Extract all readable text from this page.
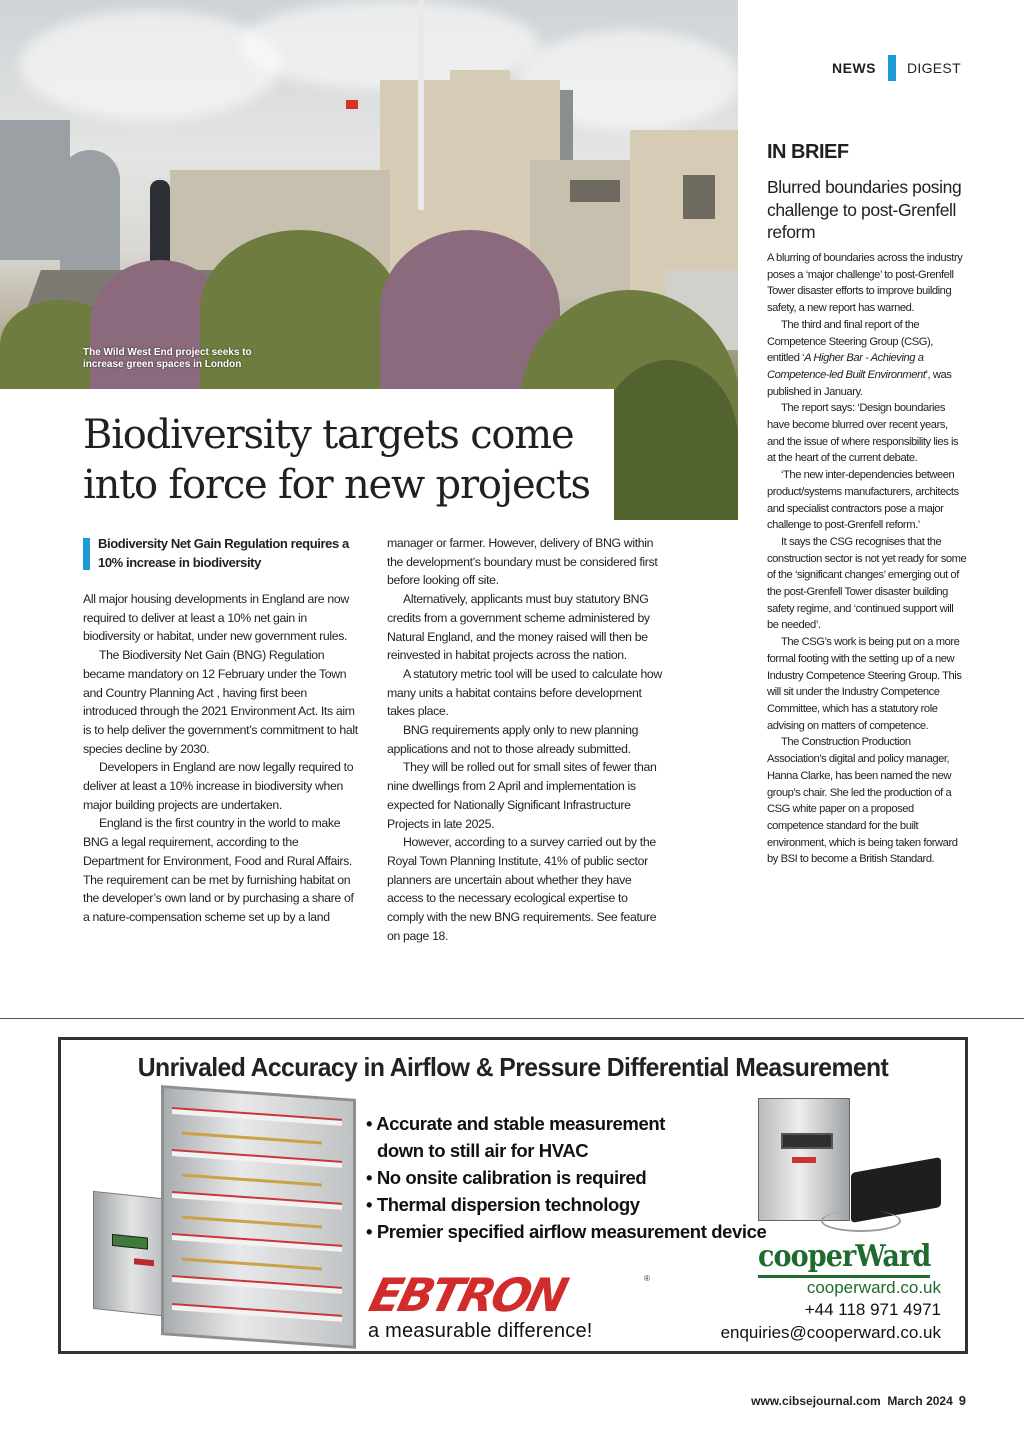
The Wild West End project seeks to increase green spaces in London
NEWS DIGEST
Biodiversity targets come into force for new projects
Biodiversity Net Gain Regulation requires a 10% increase in biodiversity

All major housing developments in England are now required to deliver at least a 10% net gain in biodiversity or habitat, under new government rules.

The Biodiversity Net Gain (BNG) Regulation became mandatory on 12 February under the Town and Country Planning Act , having first been introduced through the 2021 Environment Act. Its aim is to help deliver the government’s commitment to halt species decline by 2030.

Developers in England are now legally required to deliver at least a 10% increase in biodiversity when major building projects are undertaken.

England is the first country in the world to make BNG a legal requirement, according to the Department for Environment, Food and Rural Affairs. The requirement can be met by furnishing habitat on the developer’s own land or by purchasing a share of a nature-compensation scheme set up by a land

manager or farmer. However, delivery of BNG within the development’s boundary must be considered first before looking off site.

Alternatively, applicants must buy statutory BNG credits from a government scheme administered by Natural England, and the money raised will then be reinvested in habitat projects across the nation.

A statutory metric tool will be used to calculate how many units a habitat contains before development takes place.

BNG requirements apply only to new planning applications and not to those already submitted.

They will be rolled out for small sites of fewer than nine dwellings from 2 April and implementation is expected for Nationally Significant Infrastructure Projects in late 2025.

However, according to a survey carried out by the Royal Town Planning Institute, 41% of public sector planners are uncertain about whether they have access to the necessary ecological expertise to comply with the new BNG requirements. See feature on page 18.

IN BRIEF
Blurred boundaries posing challenge to post-Grenfell reform

A blurring of boundaries across the industry poses a ‘major challenge’ to post-Grenfell Tower disaster efforts to improve building safety, a new report has warned.

The third and final report of the Competence Steering Group (CSG), entitled ‘A Higher Bar - Achieving a Competence-led Built Environment’, was published in January.

The report says: ‘Design boundaries have become blurred over recent years, and the issue of where responsibility lies is at the heart of the current debate.

‘The new inter-dependencies between product/systems manufacturers, architects and specialist contractors pose a major challenge to post-Grenfell reform.’

It says the CSG recognises that the construction sector is not yet ready for some of the ‘significant changes’ emerging out of the post-Grenfell Tower disaster building safety regime, and ‘continued support will be needed’.

The CSG’s work is being put on a more formal footing with the setting up of a new Industry Competence Steering Group. This will sit under the Industry Competence Committee, which has a statutory role advising on matters of competence.

The Construction Production Association’s digital and policy manager, Hanna Clarke, has been named the new group’s chair. She led the production of a CSG white paper on a proposed competence standard for the built environment, which is being taken forward by BSI to become a British Standard.

Unrivaled Accuracy in Airflow & Pressure Differential Measurement
• Accurate and stable measurement
down to still air for HVAC
• No onsite calibration is required
• Thermal dispersion technology
• Premier specified airflow measurement device
EBTRON	®
a measurable difference!
cooperWard
cooperward.co.uk
+44 118 971 4971
enquiries@cooperward.co.uk
www.cibsejournal.com March 2024 9
